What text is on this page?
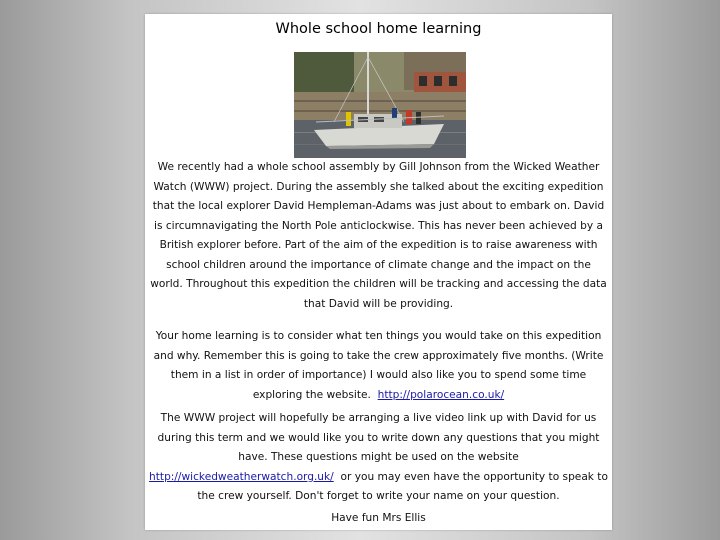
Whole school home learning

We recently had a whole school assembly by Gill Johnson from the Wicked Weather Watch (WWW) project. During the assembly she talked about the exciting expedition that the local explorer David Hempleman-Adams was just about to embark on. David is circumnavigating the North Pole anticlockwise. This has never been achieved by a British explorer before. Part of the aim of the expedition is to raise awareness with school children around the importance of climate change and the impact on the world. Throughout this expedition the children will be tracking and accessing the data that David will be providing.

Your home learning is to consider what ten things you would take on this expedition and why. Remember this is going to take the crew approximately five months. (Write them in a list in order of importance) I would also like you to spend some time exploring the website. http://polarocean.co.uk/

The WWW project will hopefully be arranging a live video link up with David for us during this term and we would like you to write down any questions that you might have. These questions might be used on the website http://wickedweatherwatch.org.uk/ or you may even have the opportunity to speak to the crew yourself. Don't forget to write your name on your question.

Have fun Mrs Ellis
